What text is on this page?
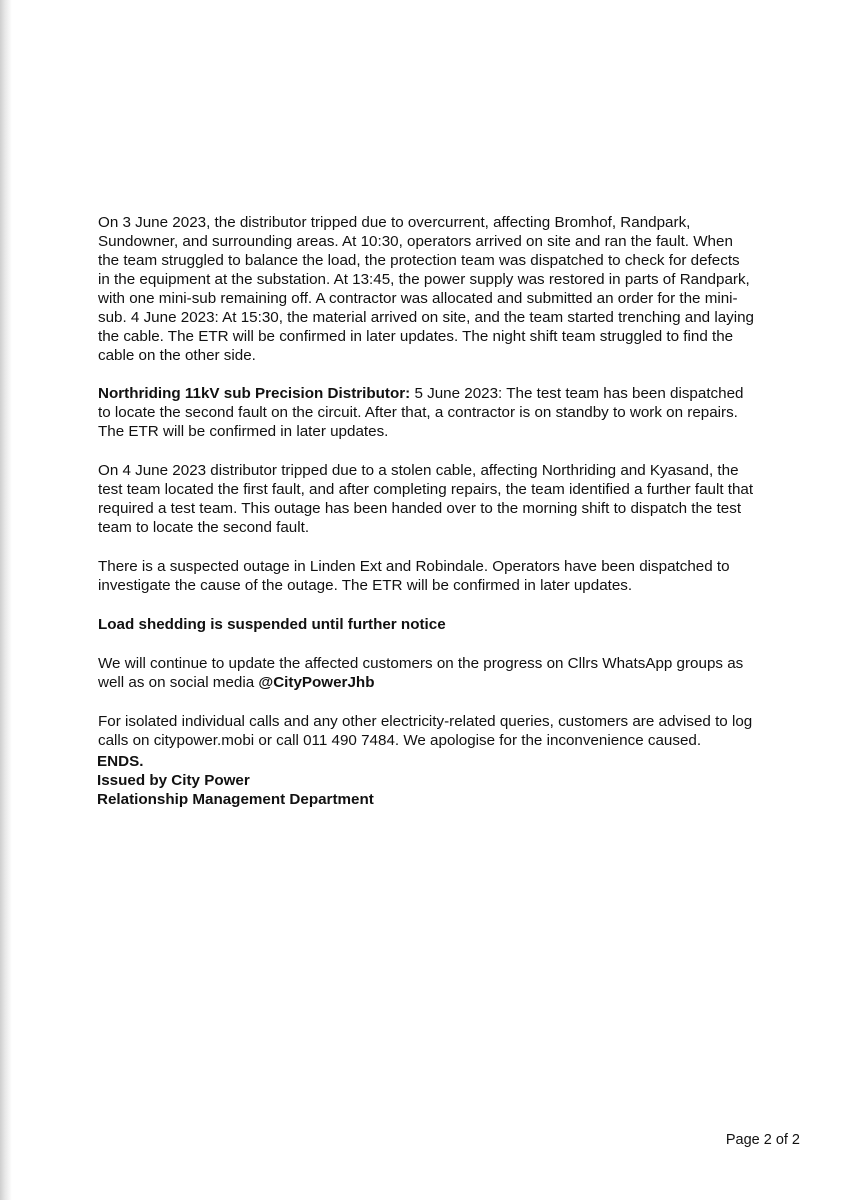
On 3 June 2023, the distributor tripped due to overcurrent, affecting Bromhof, Randpark,
Sundowner, and surrounding areas. At 10:30, operators arrived on site and ran the fault. When
the team struggled to balance the load, the protection team was dispatched to check for defects
in the equipment at the substation. At 13:45, the power supply was restored in parts of Randpark,
with one mini-sub remaining off. A contractor was allocated and submitted an order for the mini-
sub. 4 June 2023: At 15:30, the material arrived on site, and the team started trenching and laying
the cable. The ETR will be confirmed in later updates. The night shift team struggled to find the
cable on the other side.

Northriding 11kV sub Precision Distributor: 5 June 2023: The test team has been dispatched
to locate the second fault on the circuit. After that, a contractor is on standby to work on repairs.
The ETR will be confirmed in later updates.

On 4 June 2023 distributor tripped due to a stolen cable, affecting Northriding and Kyasand, the
test team located the first fault, and after completing repairs, the team identified a further fault that
required a test team. This outage has been handed over to the morning shift to dispatch the test
team to locate the second fault.

There is a suspected outage in Linden Ext and Robindale. Operators have been dispatched to
investigate the cause of the outage. The ETR will be confirmed in later updates.

Load shedding is suspended until further notice

We will continue to update the affected customers on the progress on Cllrs WhatsApp groups as
well as on social media @CityPowerJhb

For isolated individual calls and any other electricity-related queries, customers are advised to log
calls on citypower.mobi or call 011 490 7484. We apologise for the inconvenience caused.

ENDS.
Issued by City Power
Relationship Management Department
Page 2 of 2
